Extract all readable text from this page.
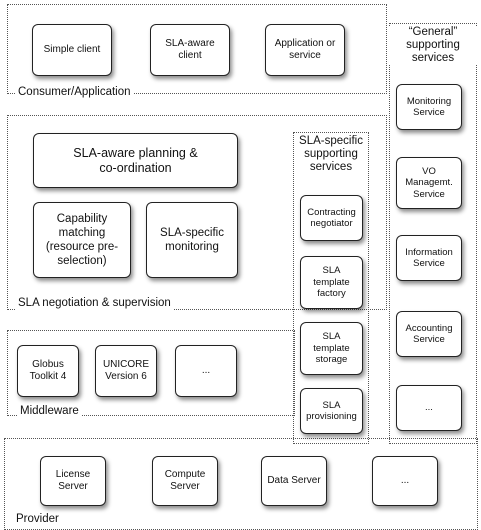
Consumer/Application
“General”
supporting
services
SLA negotiation & supervision
SLA-specific
supporting
services
Middleware
Provider
Simple client
SLA-aware
client
Application or
service
Monitoring
Service
VO
Managemt.
Service
Information
Service
Accounting
Service
...
SLA-aware planning &
co-ordination
Capability
matching
(resource pre-
selection)
SLA-specific
monitoring
Contracting
negotiator
SLA
template
factory
SLA
template
storage
SLA
provisioning
Globus
Toolkit 4
UNICORE
Version 6
...
License
Server
Compute
Server
Data Server	...
